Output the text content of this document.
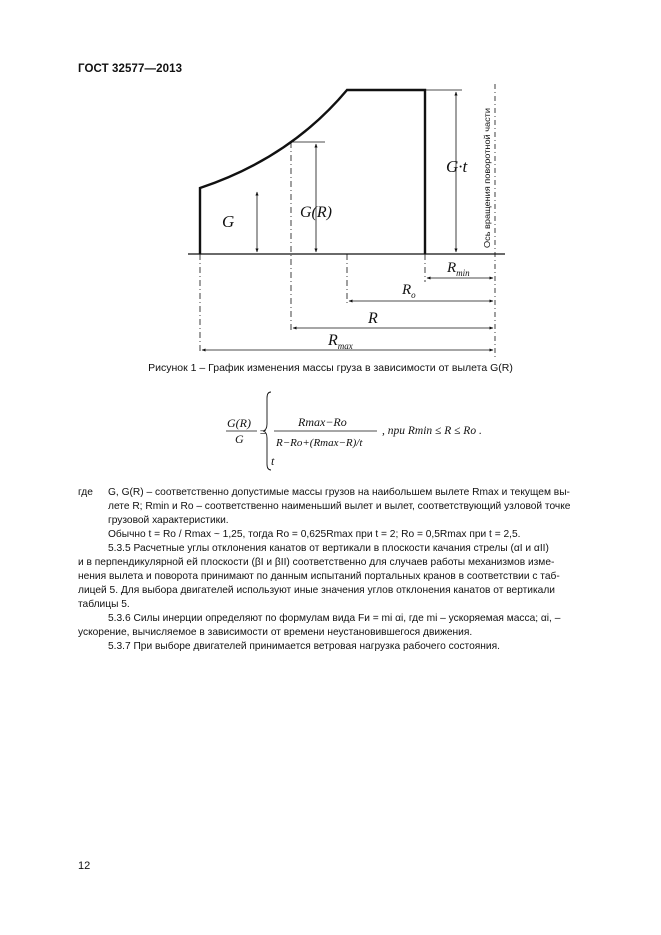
ГОСТ 32577—2013
G	G(R)
G·t
$R_{min}$
$R_o$
R
$R_{max}$
Ось вращения поворотной части
Рисунок 1 – График изменения массы груза в зависимости от вылета G(R)
G(R)
G =
Rmax−Ro
R−Ro+(Rmax−R)/t
, при Rmin ≤ R ≤ Ro .
t
где	G, G(R) – соответственно допустимые массы грузов на наибольшем вылете Rmax и текущем вы-
лете R; Rmin и Ro – соответственно наименьший вылет и вылет, соответствующий узловой точке
грузовой характеристики.
Обычно t = Ro / Rmax ~ 1,25, тогда Ro = 0,625Rmax при t = 2; Ro = 0,5Rmax при t = 2,5.
5.3.5 Расчетные углы отклонения канатов от вертикали в плоскости качания стрелы (αI и αII)
и в перпендикулярной ей плоскости (βI и βII) соответственно для случаев работы механизмов изме-
нения вылета и поворота принимают по данным испытаний портальных кранов в соответствии с таб-
лицей 5. Для выбора двигателей используют иные значения углов отклонения канатов от вертикали
таблицы 5.
5.3.6 Силы инерции определяют по формулам вида Fи = mi αi, где mi – ускоряемая масса; αi, –
ускорение, вычисляемое в зависимости от времени неустановившегося движения.
5.3.7 При выборе двигателей принимается ветровая нагрузка рабочего состояния.
12
